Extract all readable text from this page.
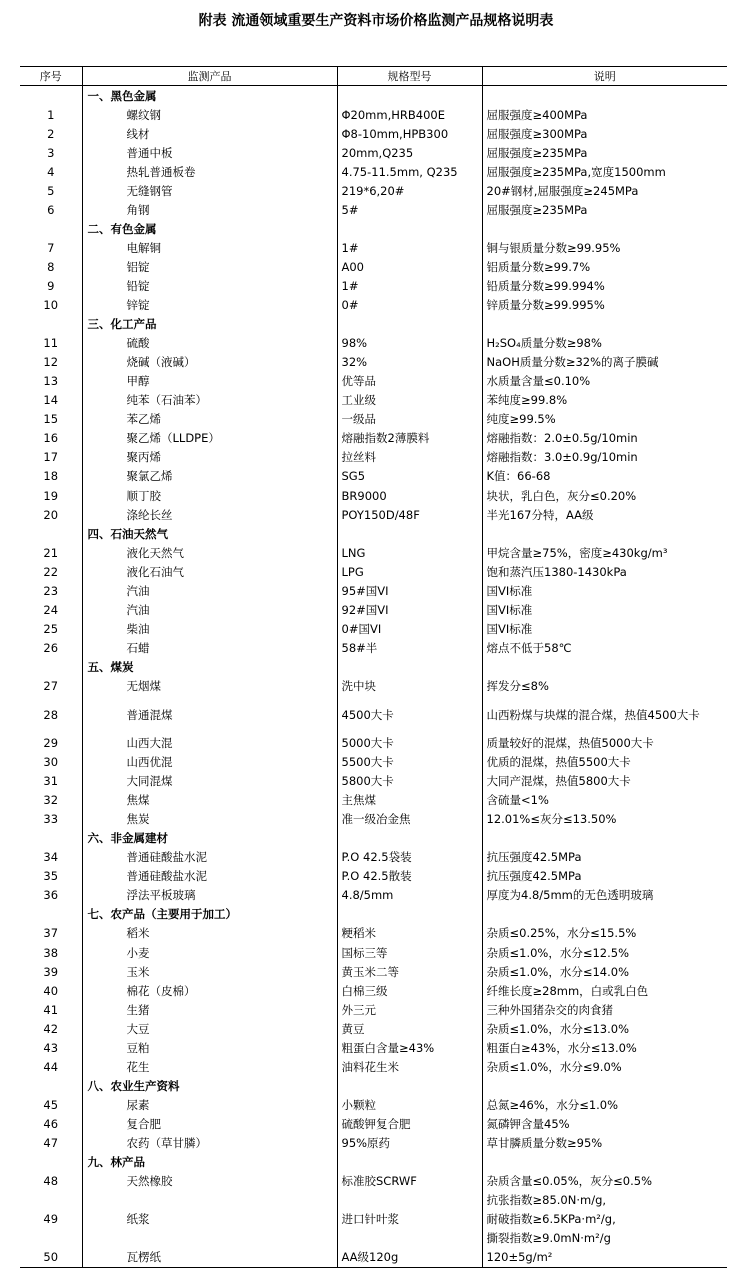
附表 流通领域重要生产资料市场价格监测产品规格说明表
序号	监测产品	规格型号	说明
	一、黑色金属		
1	螺纹钢	Φ20mm,HRB400E	屈服强度≥400MPa
2	线材	Φ8-10mm,HPB300	屈服强度≥300MPa
3	普通中板	20mm,Q235	屈服强度≥235MPa
4	热轧普通板卷	4.75-11.5mm, Q235	屈服强度≥235MPa,宽度1500mm
5	无缝钢管	219*6,20#	20#钢材,屈服强度≥245MPa
6	角钢	5#	屈服强度≥235MPa
	二、有色金属		
7	电解铜	1#	铜与银质量分数≥99.95%
8	铝锭	A00	铝质量分数≥99.7%
9	铅锭	1#	铅质量分数≥99.994%
10	锌锭	0#	锌质量分数≥99.995%
	三、化工产品		
11	硫酸	98%	H₂SO₄质量分数≥98%
12	烧碱（液碱）	32%	NaOH质量分数≥32%的离子膜碱
13	甲醇	优等品	水质量含量≤0.10%
14	纯苯（石油苯）	工业级	苯纯度≥99.8%
15	苯乙烯	一级品	纯度≥99.5%
16	聚乙烯（LLDPE）	熔融指数2薄膜料	熔融指数：2.0±0.5g/10min
17	聚丙烯	拉丝料	熔融指数：3.0±0.9g/10min
18	聚氯乙烯	SG5	K值：66-68
19	顺丁胶	BR9000	块状，乳白色，灰分≤0.20%
20	涤纶长丝	POY150D/48F	半光167分特，AA级
	四、石油天然气		
21	液化天然气	LNG	甲烷含量≥75%，密度≥430kg/m³
22	液化石油气	LPG	饱和蒸汽压1380-1430kPa
23	汽油	95#国VI	国VI标准
24	汽油	92#国VI	国VI标准
25	柴油	0#国VI	国VI标准
26	石蜡	58#半	熔点不低于58℃
	五、煤炭		
27	无烟煤	洗中块	挥发分≤8%
28	普通混煤	4500大卡	山西粉煤与块煤的混合煤，热值4500大卡
29	山西大混	5000大卡	质量较好的混煤，热值5000大卡
30	山西优混	5500大卡	优质的混煤，热值5500大卡
31	大同混煤	5800大卡	大同产混煤，热值5800大卡
32	焦煤	主焦煤	含硫量<1%
33	焦炭	准一级冶金焦	12.01%≤灰分≤13.50%
	六、非金属建材		
34	普通硅酸盐水泥	P.O 42.5袋装	抗压强度42.5MPa
35	普通硅酸盐水泥	P.O 42.5散装	抗压强度42.5MPa
36	浮法平板玻璃	4.8/5mm	厚度为4.8/5mm的无色透明玻璃
	七、农产品（主要用于加工）		
37	稻米	粳稻米	杂质≤0.25%，水分≤15.5%
38	小麦	国标三等	杂质≤1.0%，水分≤12.5%
39	玉米	黄玉米二等	杂质≤1.0%，水分≤14.0%
40	棉花（皮棉）	白棉三级	纤维长度≥28mm，白或乳白色
41	生猪	外三元	三种外国猪杂交的肉食猪
42	大豆	黄豆	杂质≤1.0%，水分≤13.0%
43	豆粕	粗蛋白含量≥43%	粗蛋白≥43%，水分≤13.0%
44	花生	油料花生米	杂质≤1.0%，水分≤9.0%
	八、农业生产资料		
45	尿素	小颗粒	总氮≥46%，水分≤1.0%
46	复合肥	硫酸钾复合肥	氮磷钾含量45%
47	农药（草甘膦）	95%原药	草甘膦质量分数≥95%
	九、林产品		
48	天然橡胶	标准胶SCRWF	杂质含量≤0.05%，灰分≤0.5%
49	纸浆	进口针叶浆	抗张指数≥85.0N·m/g,
耐破指数≥6.5KPa·m²/g,
撕裂指数≥9.0mN·m²/g

50	瓦楞纸	AA级120g	120±5g/m²
